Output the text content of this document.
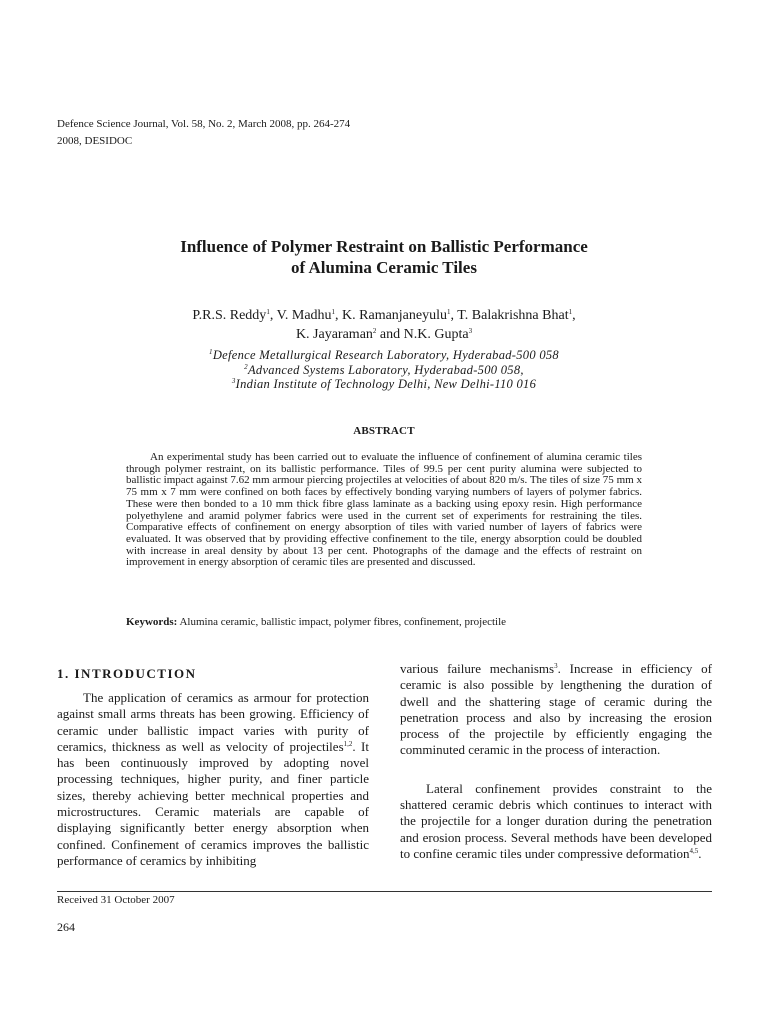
Defence Science Journal, Vol. 58, No. 2, March 2008, pp. 264-274
2008, DESIDOC
Influence of Polymer Restraint on Ballistic Performance
of Alumina Ceramic Tiles
P.R.S. Reddy$^1$, V. Madhu$^1$, K. Ramanjaneyulu$^1$, T. Balakrishna Bhat$^1$,
K. Jayaraman$^2$ and N.K. Gupta$^3$
$^1$Defence Metallurgical Research Laboratory, Hyderabad-500 058
$^2$Advanced Systems Laboratory, Hyderabad-500 058,
$^3$Indian Institute of Technology Delhi, New Delhi-110 016
ABSTRACT
An experimental study has been carried out to evaluate the influence of confinement of alumina ceramic tiles through polymer restraint, on its ballistic performance. Tiles of 99.5 per cent purity alumina were subjected to ballistic impact against 7.62 mm armour piercing projectiles at velocities of about 820 m/s. The tiles of size 75 mm x 75 mm x 7 mm were confined on both faces by effectively bonding varying numbers of layers of polymer fabrics. These were then bonded to a 10 mm thick fibre glass laminate as a backing using epoxy resin. High performance polyethylene and aramid polymer fabrics were used in the current set of experiments for restraining the tiles. Comparative effects of confinement on energy absorption of tiles with varied number of layers of fabrics were evaluated. It was observed that by providing effective confinement to the tile, energy absorption could be doubled with increase in areal density by about 13 per cent. Photographs of the damage and the effects of restraint on improvement in energy absorption of ceramic tiles are presented and discussed.
Keywords: Alumina ceramic, ballistic impact, polymer fibres, confinement, projectile
1. INTRODUCTION

The application of ceramics as armour for protection against small arms threats has been growing. Efficiency of ceramic under ballistic impact varies with purity of ceramics, thickness as well as velocity of projectiles$^{1,2}$. It has been continuously improved by adopting novel processing techniques, higher purity, and finer particle sizes, thereby achieving better mechnical properties and microstructures. Ceramic materials are capable of displaying significantly better energy absorption when confined. Confinement of ceramics improves the ballistic performance of ceramics by inhibiting

various failure mechanisms$^3$. Increase in efficiency of ceramic is also possible by lengthening the duration of dwell and the shattering stage of ceramic during the penetration process and also by increasing the erosion process of the projectile by efficiently engaging the comminuted ceramic in the process of interaction.

Lateral confinement provides constraint to the shattered ceramic debris which continues to interact with the projectile for a longer duration during the penetration and erosion process. Several methods have been developed to confine ceramic tiles under compressive deformation$^{4,5}$.

Received 31 October 2007
264
